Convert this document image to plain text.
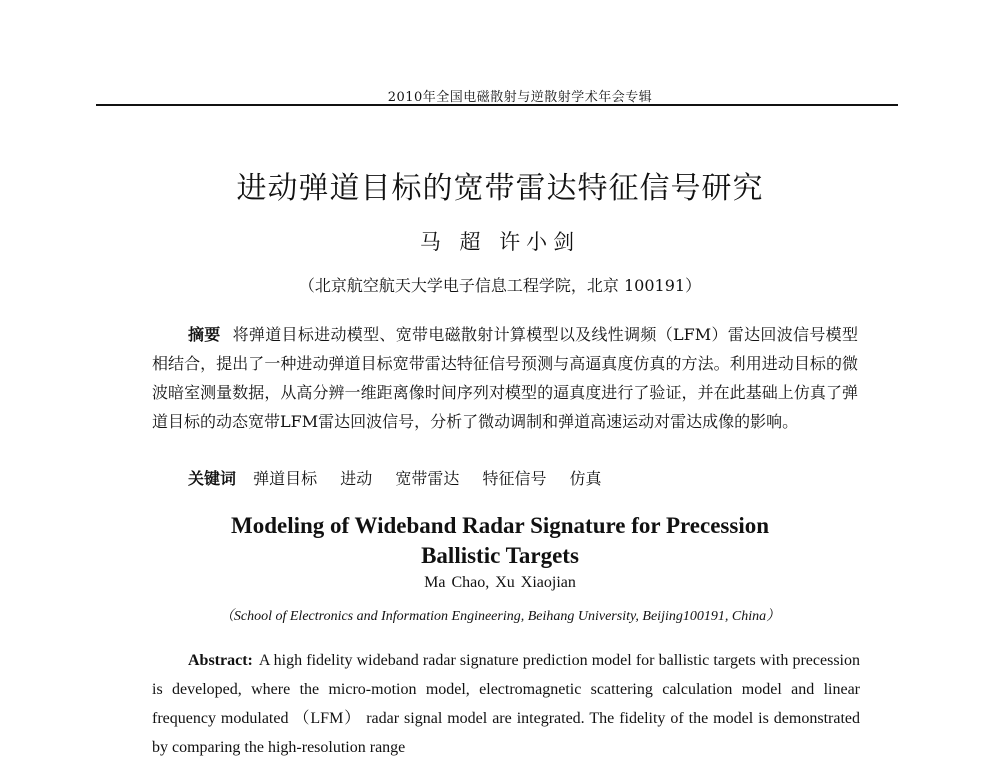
2010年全国电磁散射与逆散射学术年会专辑
进动弹道目标的宽带雷达特征信号研究
马 超 许小剑
（北京航空航天大学电子信息工程学院，北京 100191）
摘要 将弹道目标进动模型、宽带电磁散射计算模型以及线性调频（LFM）雷达回波信号模型相结合，提出了一种进动弹道目标宽带雷达特征信号预测与高逼真度仿真的方法。利用进动目标的微波暗室测量数据，从高分辨一维距离像时间序列对模型的逼真度进行了验证，并在此基础上仿真了弹道目标的动态宽带LFM雷达回波信号，分析了微动调制和弹道高速运动对雷达成像的影响。
关键词 弹道目标 进动 宽带雷达 特征信号 仿真
Modeling of Wideband Radar Signature for Precession
Ballistic Targets
Ma Chao, Xu Xiaojian
（School of Electronics and Information Engineering, Beihang University, Beijing100191, China）
Abstract: A high fidelity wideband radar signature prediction model for ballistic targets with precession is developed, where the micro-motion model, electromagnetic scattering calculation model and linear frequency modulated （LFM） radar signal model are integrated. The fidelity of the model is demonstrated by comparing the high-resolution range
